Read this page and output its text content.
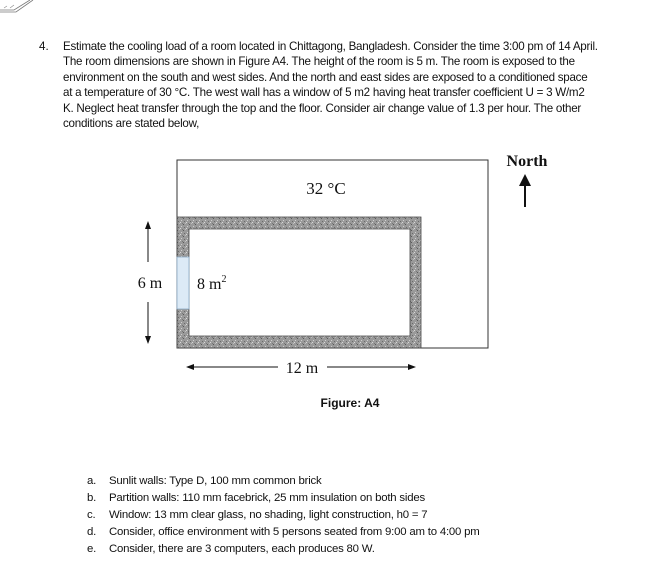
4. Estimate the cooling load of a room located in Chittagong, Bangladesh. Consider the time 3:00 pm of 14 April.
The room dimensions are shown in Figure A4. The height of the room is 5 m. The room is exposed to the
environment on the south and west sides. And the north and east sides are exposed to a conditioned space
at a temperature of 30 °C. The west wall has a window of 5 m2 having heat transfer coefficient U = 3 W/m2
K. Neglect heat transfer through the top and the floor. Consider air change value of 1.3 per hour. The other
conditions are stated below,

North
32 °C
6 m 8 $m^2$
12 m
Figure: A4
a. Sunlit walls: Type D, 100 mm common brick
b. Partition walls: 110 mm facebrick, 25 mm insulation on both sides
c. Window: 13 mm clear glass, no shading, light construction, h0 = 7
d. Consider, office environment with 5 persons seated from 9:00 am to 4:00 pm
e. Consider, there are 3 computers, each produces 80 W.
